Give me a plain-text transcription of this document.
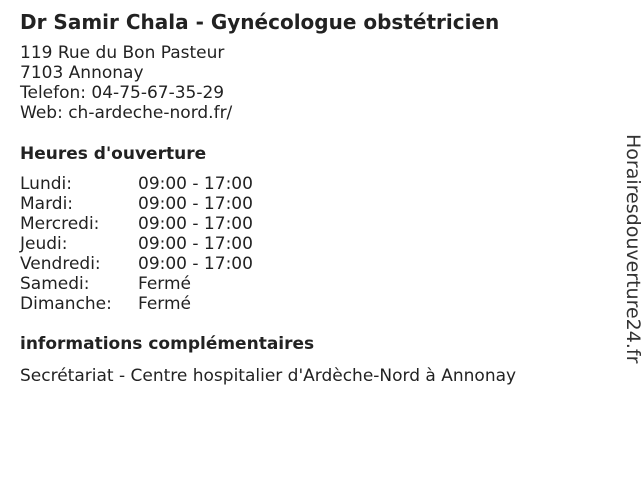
Dr Samir Chala - Gynécologue obstétricien
119 Rue du Bon Pasteur
7103 Annonay
Telefon: 04-75-67-35-29
Web: ch-ardeche-nord.fr/
Heures d'ouverture
Lundi:	09:00 - 17:00
Mardi:	09:00 - 17:00
Mercredi:	09:00 - 17:00
Jeudi:	09:00 - 17:00
Vendredi:	09:00 - 17:00
Samedi:	Fermé
Dimanche:	Fermé
informations complémentaires
Secrétariat - Centre hospitalier d'Ardèche-Nord à Annonay
Horairesdouverture24.fr
